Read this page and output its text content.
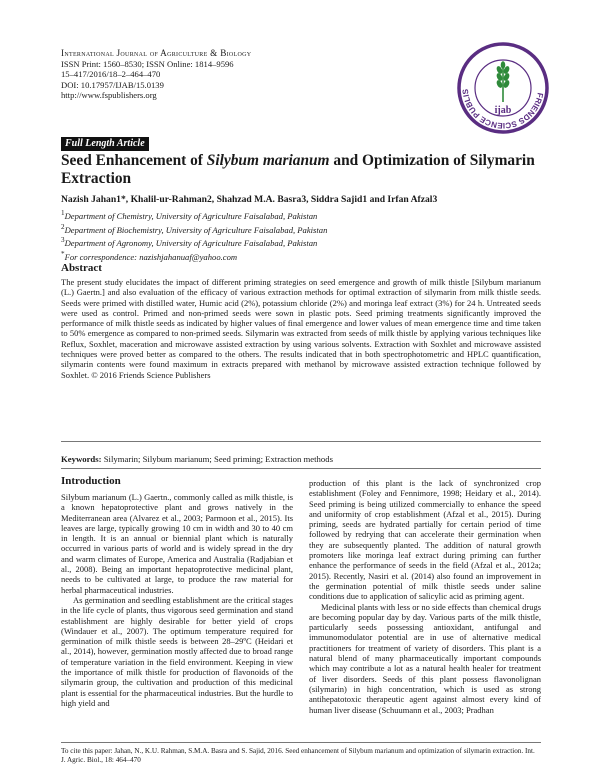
International Journal of Agriculture & Biology
ISSN Print: 1560–8530; ISSN Online: 1814–9596
15–417/2016/18–2–464–470
DOI: 10.17957/IJAB/15.0139
http://www.fspublishers.org	FRIENDS SCIENCE PUBLIS
ijab
Full Length Article
Seed Enhancement of Silybum marianum and Optimization of Silymarin Extraction
Nazish Jahan1*, Khalil-ur-Rahman2, Shahzad M.A. Basra3, Siddra Sajid1 and Irfan Afzal3
$^1$Department of Chemistry, University of Agriculture Faisalabad, Pakistan
$^2$Department of Biochemistry, University of Agriculture Faisalabad, Pakistan
$^3$Department of Agronomy, University of Agriculture Faisalabad, Pakistan
*For correspondence: nazishjahanuaf@yahoo.com
Abstract

The present study elucidates the impact of different priming strategies on seed emergence and growth of milk thistle [Silybum marianum (L.) Gaertn.] and also evaluation of the efficacy of various extraction methods for optimal extraction of silymarin from milk thistle seeds. Seeds were primed with distilled water, Humic acid (2%), potassium chloride (2%) and moringa leaf extract (3%) for 24 h. Untreated seeds were used as control. Primed and non-primed seeds were sown in plastic pots. Seed priming treatments significantly improved the performance of milk thistle seeds as indicated by higher values of final emergence and lower values of mean emergence time and time taken to 50% emergence as compared to non-primed seeds. Silymarin was extracted from seeds of milk thistle by applying various techniques like Reflux, Soxhlet, maceration and microwave assisted extraction by using various solvents. Extraction with Soxhlet and microwave assisted techniques were proved better as compared to the others. The results indicated that in both spectrophotometric and HPLC quantification, silymarin contents were found maximum in extracts prepared with methanol by microwave assisted extraction technique followed by Soxhlet. © 2016 Friends Science Publishers

Keywords: Silymarin; Silybum marianum; Seed priming; Extraction methods
Introduction

Silybum marianum (L.) Gaertn., commonly called as milk thistle, is a known hepatoprotective plant and grows natively in the Mediterranean area (Alvarez et al., 2003; Parmoon et al., 2015). Its leaves are large, typically growing 10 cm in width and 30 to 40 cm in length. It is an annual or biennial plant which is naturally occurred in various parts of world and is widely spread in the dry and warm climates of Europe, America and Australia (Radjabian et al., 2008). Being an important hepatoprotective medicinal plant, needs to be cultivated at large, to produce the raw material for herbal pharmaceutical industries.

As germination and seedling establishment are the critical stages in the life cycle of plants, thus vigorous seed germination and stand establishment are highly desirable for better yield of crops (Windauer et al., 2007). The optimum temperature required for germination of milk thistle seeds is between 28–29ºC (Heidari et al., 2014), however, germination mostly affected due to broad range of temperature variation in the field environment. Keeping in view the importance of milk thistle for production of flavonoids of the silymarin group, the cultivation and production of this medicinal plant is essential for the pharmaceutical industries. But the hurdle to high yield and

production of this plant is the lack of synchronized crop establishment (Foley and Fennimore, 1998; Heidary et al., 2014). Seed priming is being utilized commercially to enhance the speed and uniformity of crop establishment (Afzal et al., 2015). During priming, seeds are hydrated partially for certain period of time followed by redrying that can accelerate their germination when they are subsequently planted. The addition of natural growth promoters like moringa leaf extract during priming can further enhance the performance of seeds in the field (Afzal et al., 2012a; 2015). Recently, Nasiri et al. (2014) also found an improvement in the germination potential of milk thistle seeds under saline conditions due to application of salicylic acid as priming agent.

Medicinal plants with less or no side effects than chemical drugs are becoming popular day by day. Various parts of the milk thistle, particularly seeds possessing antioxidant, antifungal and immunomodulator potential are in use of alternative medical practitioners for treatment of variety of disorders. This plant is a natural blend of many pharmaceutically important compounds which may contribute a lot as a natural health healer for treatment of liver disorders. Seeds of this plant possess flavonolignan (silymarin) in high concentration, which is used as strong antihepatotoxic therapeutic agent against almost every kind of human liver disease (Schuumann et al., 2003; Pradhan

To cite this paper: Jahan, N., K.U. Rahman, S.M.A. Basra and S. Sajid, 2016. Seed enhancement of Silybum marianum and optimization of silymarin extraction. Int. J. Agric. Biol., 18: 464–470
